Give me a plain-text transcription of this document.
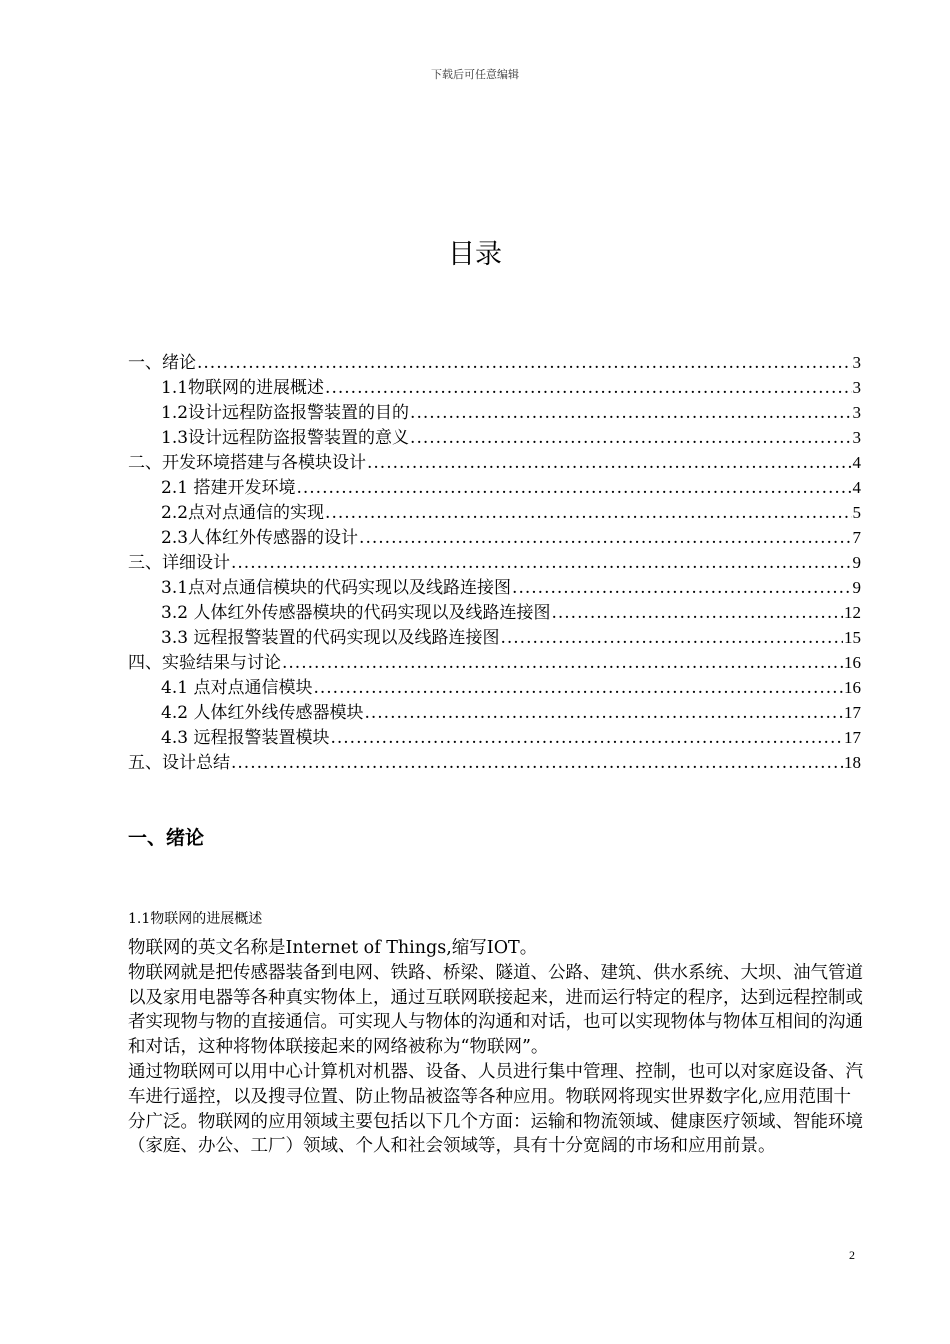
下载后可任意编辑
目录
一、绪论 .....	3
1.1物联网的进展概述 .....	3
1.2设计远程防盗报警装置的目的 .....	3
1.3设计远程防盗报警装置的意义 .....	3
二、开发环境搭建与各模块设计 .....	4
2.1 搭建开发环境 .....	4
2.2点对点通信的实现 .....	5
2.3人体红外传感器的设计 .....	7
三、详细设计 .....	9
3.1点对点通信模块的代码实现以及线路连接图 .....	9
3.2 人体红外传感器模块的代码实现以及线路连接图 .....	12
3.3 远程报警装置的代码实现以及线路连接图 .....	15
四、实验结果与讨论 .....	16
4.1 点对点通信模块 .....	16
4.2 人体红外线传感器模块 .....	17
4.3 远程报警装置模块 .....	17
五、设计总结 .....	18
一、绪论
1.1物联网的进展概述

物联网的英文名称是Internet of Things,缩写IOT。

物联网就是把传感器装备到电网、铁路、桥梁、隧道、公路、建筑、供水系统、大坝、油气管道以及家用电器等各种真实物体上，通过互联网联接起来，进而运行特定的程序，达到远程控制或者实现物与物的直接通信。可实现人与物体的沟通和对话，也可以实现物体与物体互相间的沟通和对话，这种将物体联接起来的网络被称为“物联网”。

通过物联网可以用中心计算机对机器、设备、人员进行集中管理、控制，也可以对家庭设备、汽车进行遥控，以及搜寻位置、防止物品被盗等各种应用。物联网将现实世界数字化,应用范围十分广泛。物联网的应用领域主要包括以下几个方面：运输和物流领域、健康医疗领域、智能环境（家庭、办公、工厂）领域、个人和社会领域等，具有十分宽阔的市场和应用前景。

2
